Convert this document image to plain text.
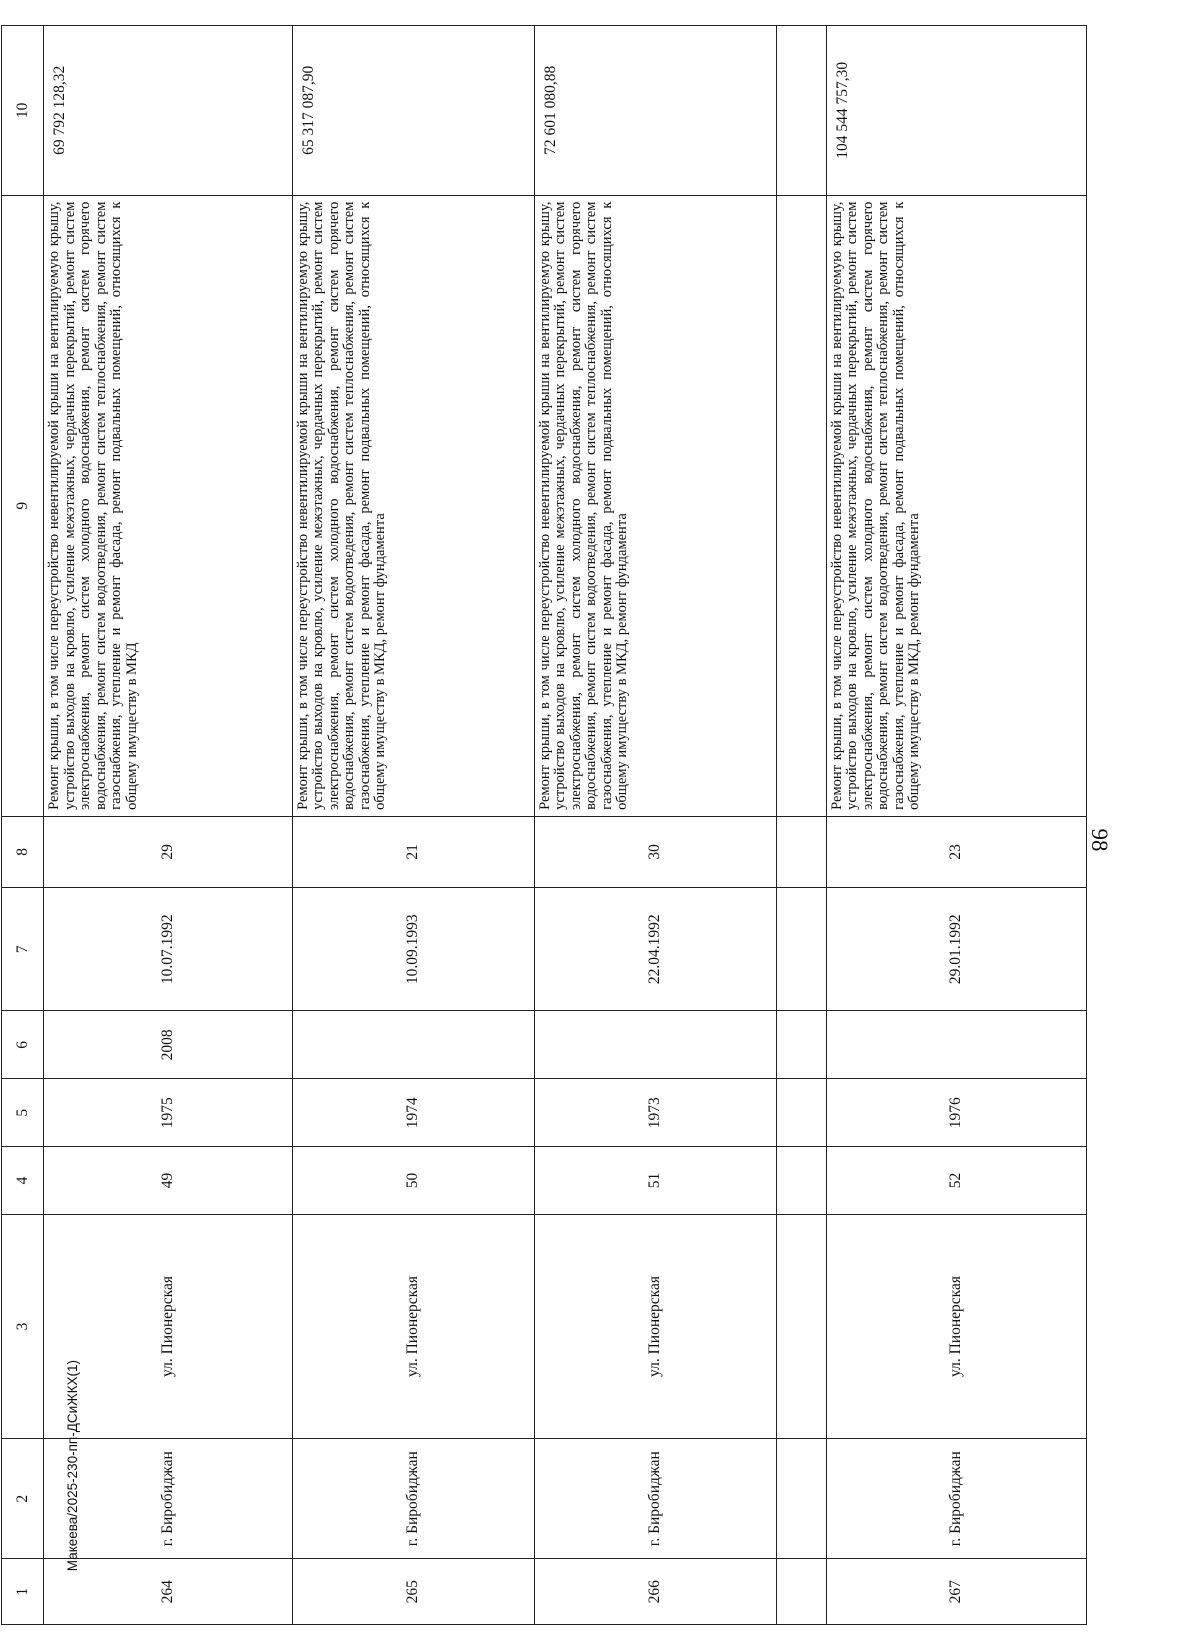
98
1	2	3	4	5	6	7	8	9	10
264	г. Биробиджан	ул. Пионерская	49	1975	2008	10.07.1992	29	Ремонт крыши, в том числе переустройство невентилируемой крыши на вентилируемую крышу, устройство выходов на кровлю, усиление межэтажных, чердачных перекрытий, ремонт систем электроснабжения, ремонт систем холодного водоснабжения, ремонт систем горячего водоснабжения, ремонт систем водоотведения, ремонт систем теплоснабжения, ремонт систем газоснабжения, утепление и ремонт фасада, ремонт подвальных помещений, относящихся к общему имуществу в МКД	69 792 128,32
265	г. Биробиджан	ул. Пионерская	50	1974		10.09.1993	21	Ремонт крыши, в том числе переустройство невентилируемой крыши на вентилируемую крышу, устройство выходов на кровлю, усиление межэтажных, чердачных перекрытий, ремонт систем электроснабжения, ремонт систем холодного водоснабжения, ремонт систем горячего водоснабжения, ремонт систем водоотведения, ремонт систем теплоснабжения, ремонт систем газоснабжения, утепление и ремонт фасада, ремонт подвальных помещений, относящихся к общему имуществу в МКД, ремонт фундамента	65 317 087,90
266	г. Биробиджан	ул. Пионерская	51	1973		22.04.1992	30	Ремонт крыши, в том числе переустройство невентилируемой крыши на вентилируемую крышу, устройство выходов на кровлю, усиление межэтажных, чердачных перекрытий, ремонт систем электроснабжения, ремонт систем холодного водоснабжения, ремонт систем горячего водоснабжения, ремонт систем водоотведения, ремонт систем теплоснабжения, ремонт систем газоснабжения, утепление и ремонт фасада, ремонт подвальных помещений, относящихся к общему имуществу в МКД, ремонт фундамента	72 601 080,88

267	г. Биробиджан	ул. Пионерская	52	1976		29.01.1992	23	Ремонт крыши, в том числе переустройство невентилируемой крыши на вентилируемую крышу, устройство выходов на кровлю, усиление межэтажных, чердачных перекрытий, ремонт систем электроснабжения, ремонт систем холодного водоснабжения, ремонт систем горячего водоснабжения, ремонт систем водоотведения, ремонт систем теплоснабжения, ремонт систем газоснабжения, утепление и ремонт фасада, ремонт подвальных помещений, относящихся к общему имуществу в МКД, ремонт фундамента	104 544 757,30
Макеева/2025-230-пп-ДСиЖКХ(1)
